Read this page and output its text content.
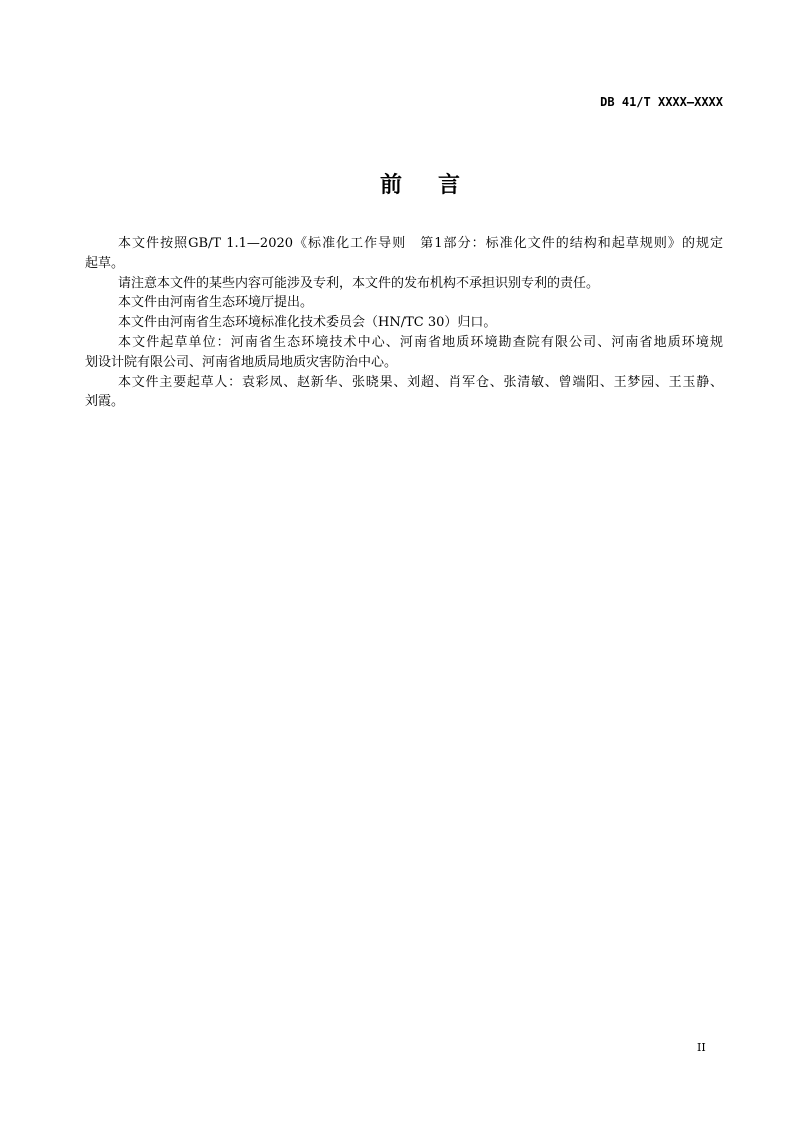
DB 41/T XXXX—XXXX
前 言
本文件按照GB/T 1.1—2020《标准化工作导则　第1部分：标准化文件的结构和起草规则》的规定
起草。
请注意本文件的某些内容可能涉及专利，本文件的发布机构不承担识别专利的责任。
本文件由河南省生态环境厅提出。
本文件由河南省生态环境标准化技术委员会（HN/TC 30）归口。
本文件起草单位：河南省生态环境技术中心、河南省地质环境勘查院有限公司、河南省地质环境规
划设计院有限公司、河南省地质局地质灾害防治中心。
本文件主要起草人：袁彩凤、赵新华、张晓果、刘超、肖军仓、张清敏、曾端阳、王梦园、王玉静、
刘霞。
II
